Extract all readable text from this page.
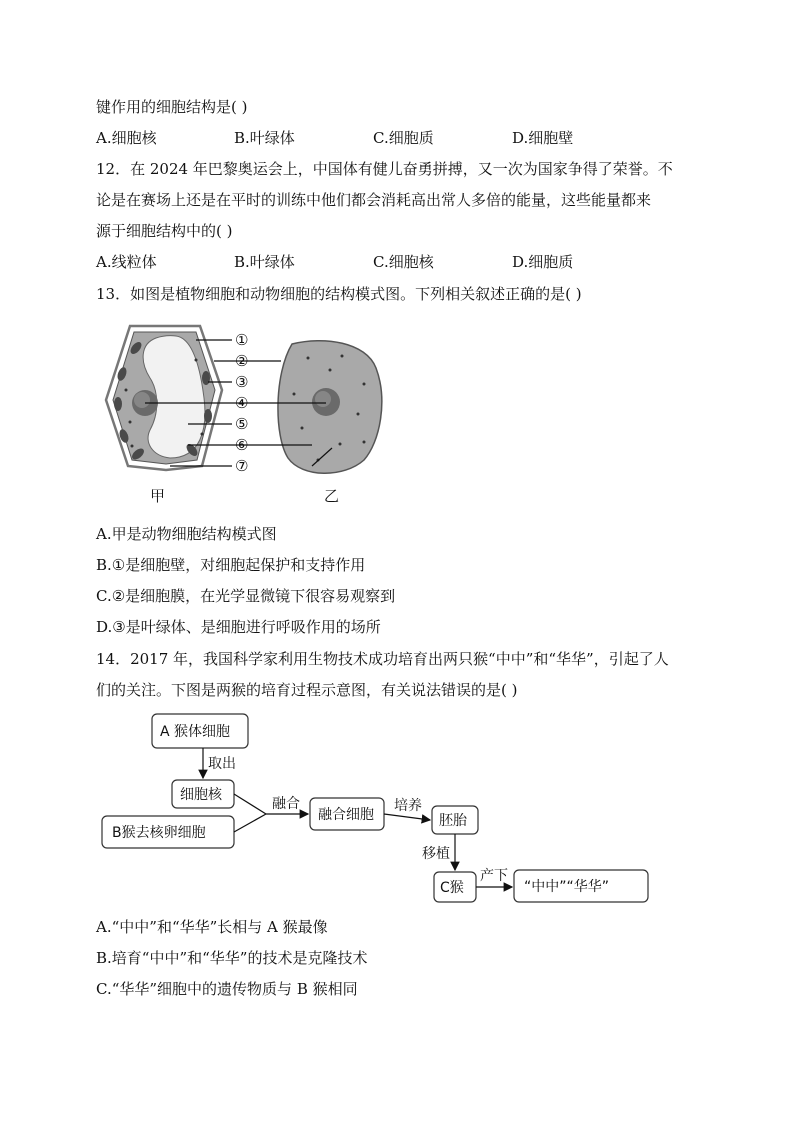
键作用的细胞结构是( )
A.细胞核	B.叶绿体	C.细胞质	D.细胞壁
12．在 2024 年巴黎奥运会上，中国体有健儿奋勇拼搏，又一次为国家争得了荣誉。不
论是在赛场上还是在平时的训练中他们都会消耗高出常人多倍的能量，这些能量都来
源于细胞结构中的( )
A.线粒体	B.叶绿体	C.细胞核	D.细胞质
13．如图是植物细胞和动物细胞的结构模式图。下列相关叙述正确的是( )
①
②
③
④
⑤
⑥
⑦
甲	乙
A.甲是动物细胞结构模式图
B.①是细胞壁，对细胞起保护和支持作用
C.②是细胞膜，在光学显微镜下很容易观察到
D.③是叶绿体、是细胞进行呼吸作用的场所
14．2017 年，我国科学家利用生物技术成功培育出两只猴“中中”和“华华”，引起了人
们的关注。下图是两猴的培育过程示意图，有关说法错误的是( )
A 猴体细胞
取出
细胞核
B猴去核卵细胞
融合
融合细胞
培养
胚胎
移植
C猴
产下
“中中”“华华”
A.“中中”和“华华”长相与 A 猴最像
B.培育“中中”和“华华”的技术是克隆技术
C.“华华”细胞中的遗传物质与 B 猴相同
